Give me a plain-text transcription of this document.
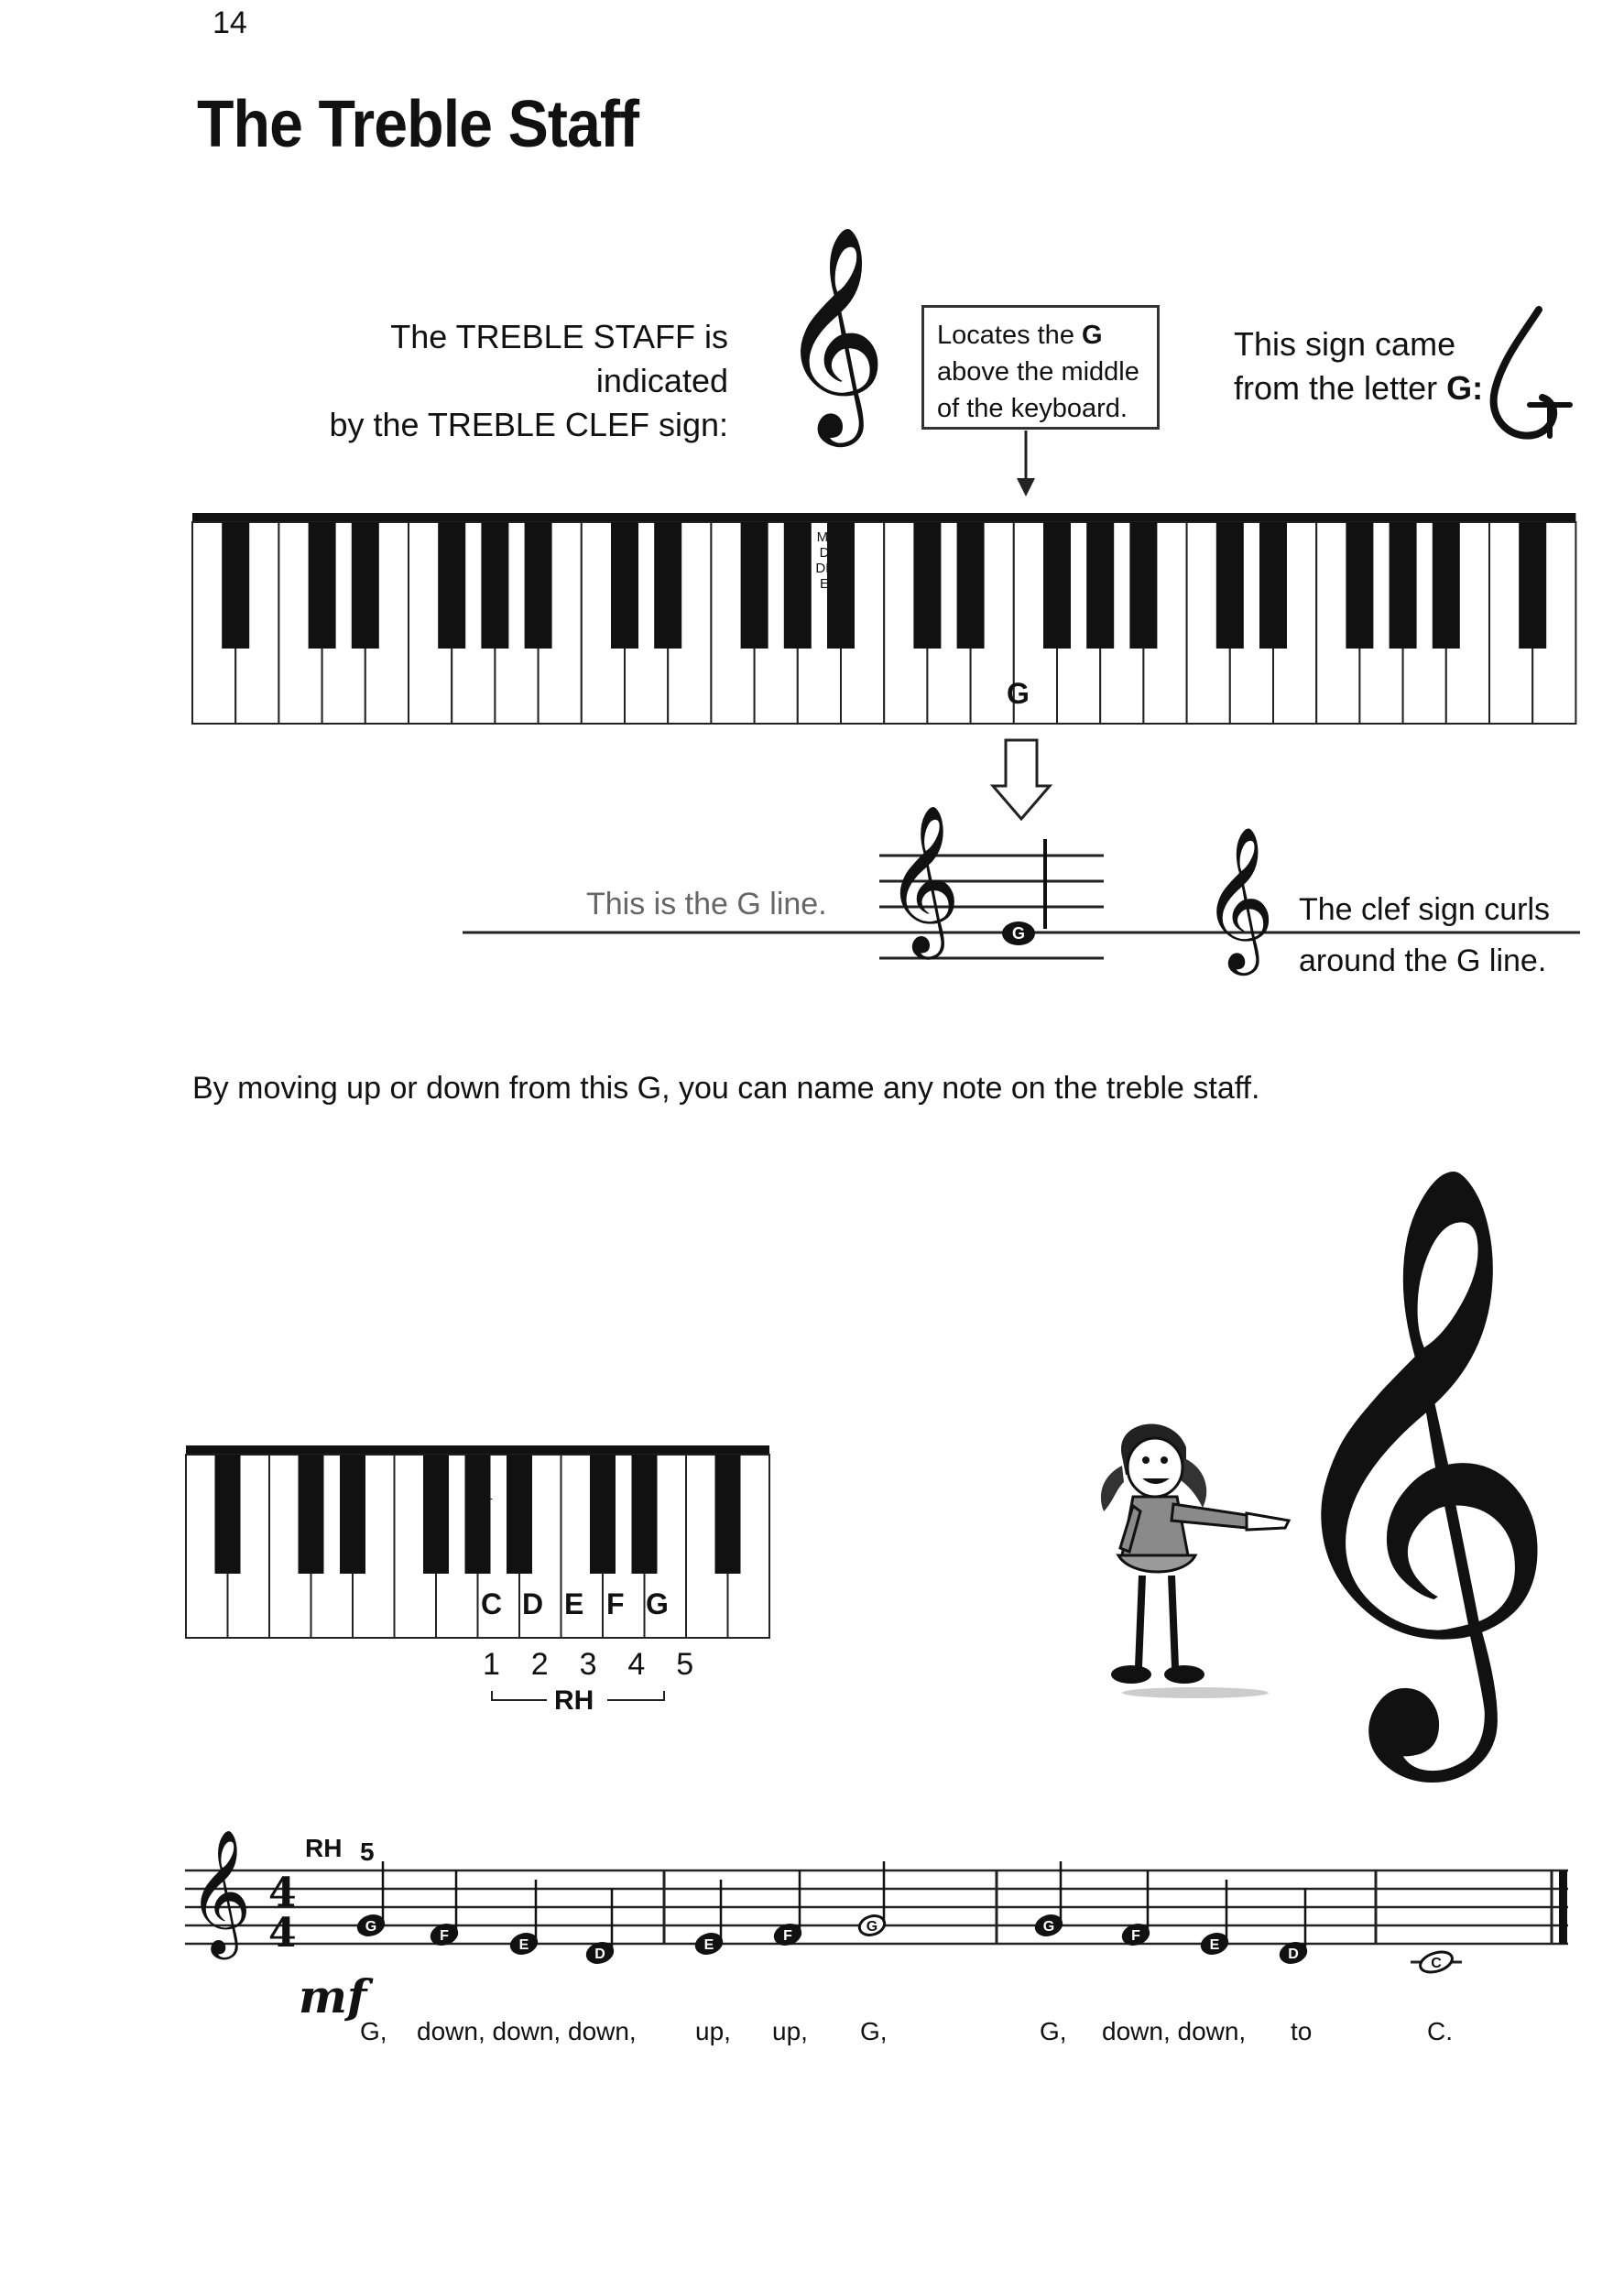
14
The Treble Staff
The TREBLE STAFF is indicated
by the TREBLE CLEF sign: 𝄞 Locates the G
above the middle
of the keyboard.
This sign came
from the letter G:
MIDDLE
G
𝄞	G
This is the G line.	𝄞 The clef sign curls
around the G line.
By moving up or down from this G, you can name any note on the treble staff.
MIDDLE
C D E F G
1  2  3  4  5
RH 𝄞
G
F
E
D
E
F
G	G
F
E
D
C
𝄞 4
4
RH 5
mf
G, down, down, down, up, up, G,	G, down, down, to	C.
